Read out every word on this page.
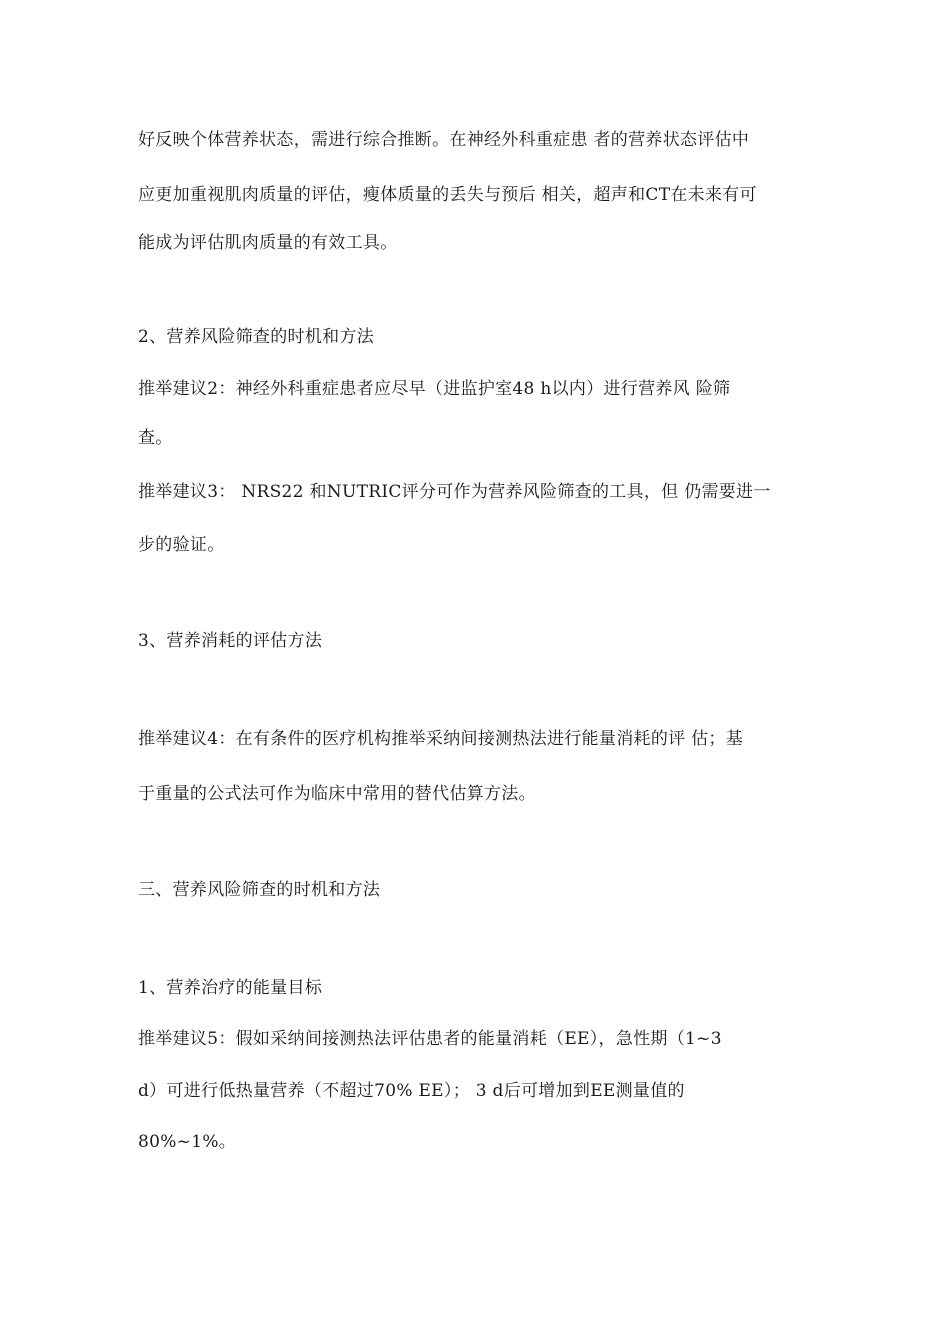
好反映个体营养状态，需进行综合推断。在神经外科重症患 者的营养状态评估中
应更加重视肌肉质量的评估，瘦体质量的丢失与预后 相关，超声和CT在未来有可
能成为评估肌肉质量的有效工具。
2、营养风险筛查的时机和方法
推举建议2：神经外科重症患者应尽早（进监护室48 h以内）进行营养风 险筛
查。
推举建议3： NRS22 和NUTRIC评分可作为营养风险筛查的工具，但 仍需要进一
步的验证。
3、营养消耗的评估方法
推举建议4：在有条件的医疗机构推举采纳间接测热法进行能量消耗的评 估；基
于重量的公式法可作为临床中常用的替代估算方法。
三、营养风险筛查的时机和方法
1、营养治疗的能量目标
推举建议5：假如采纳间接测热法评估患者的能量消耗（EE），急性期（1~3
d）可进行低热量营养（不超过70% EE）； 3 d后可增加到EE测量值的
80%~1%。
